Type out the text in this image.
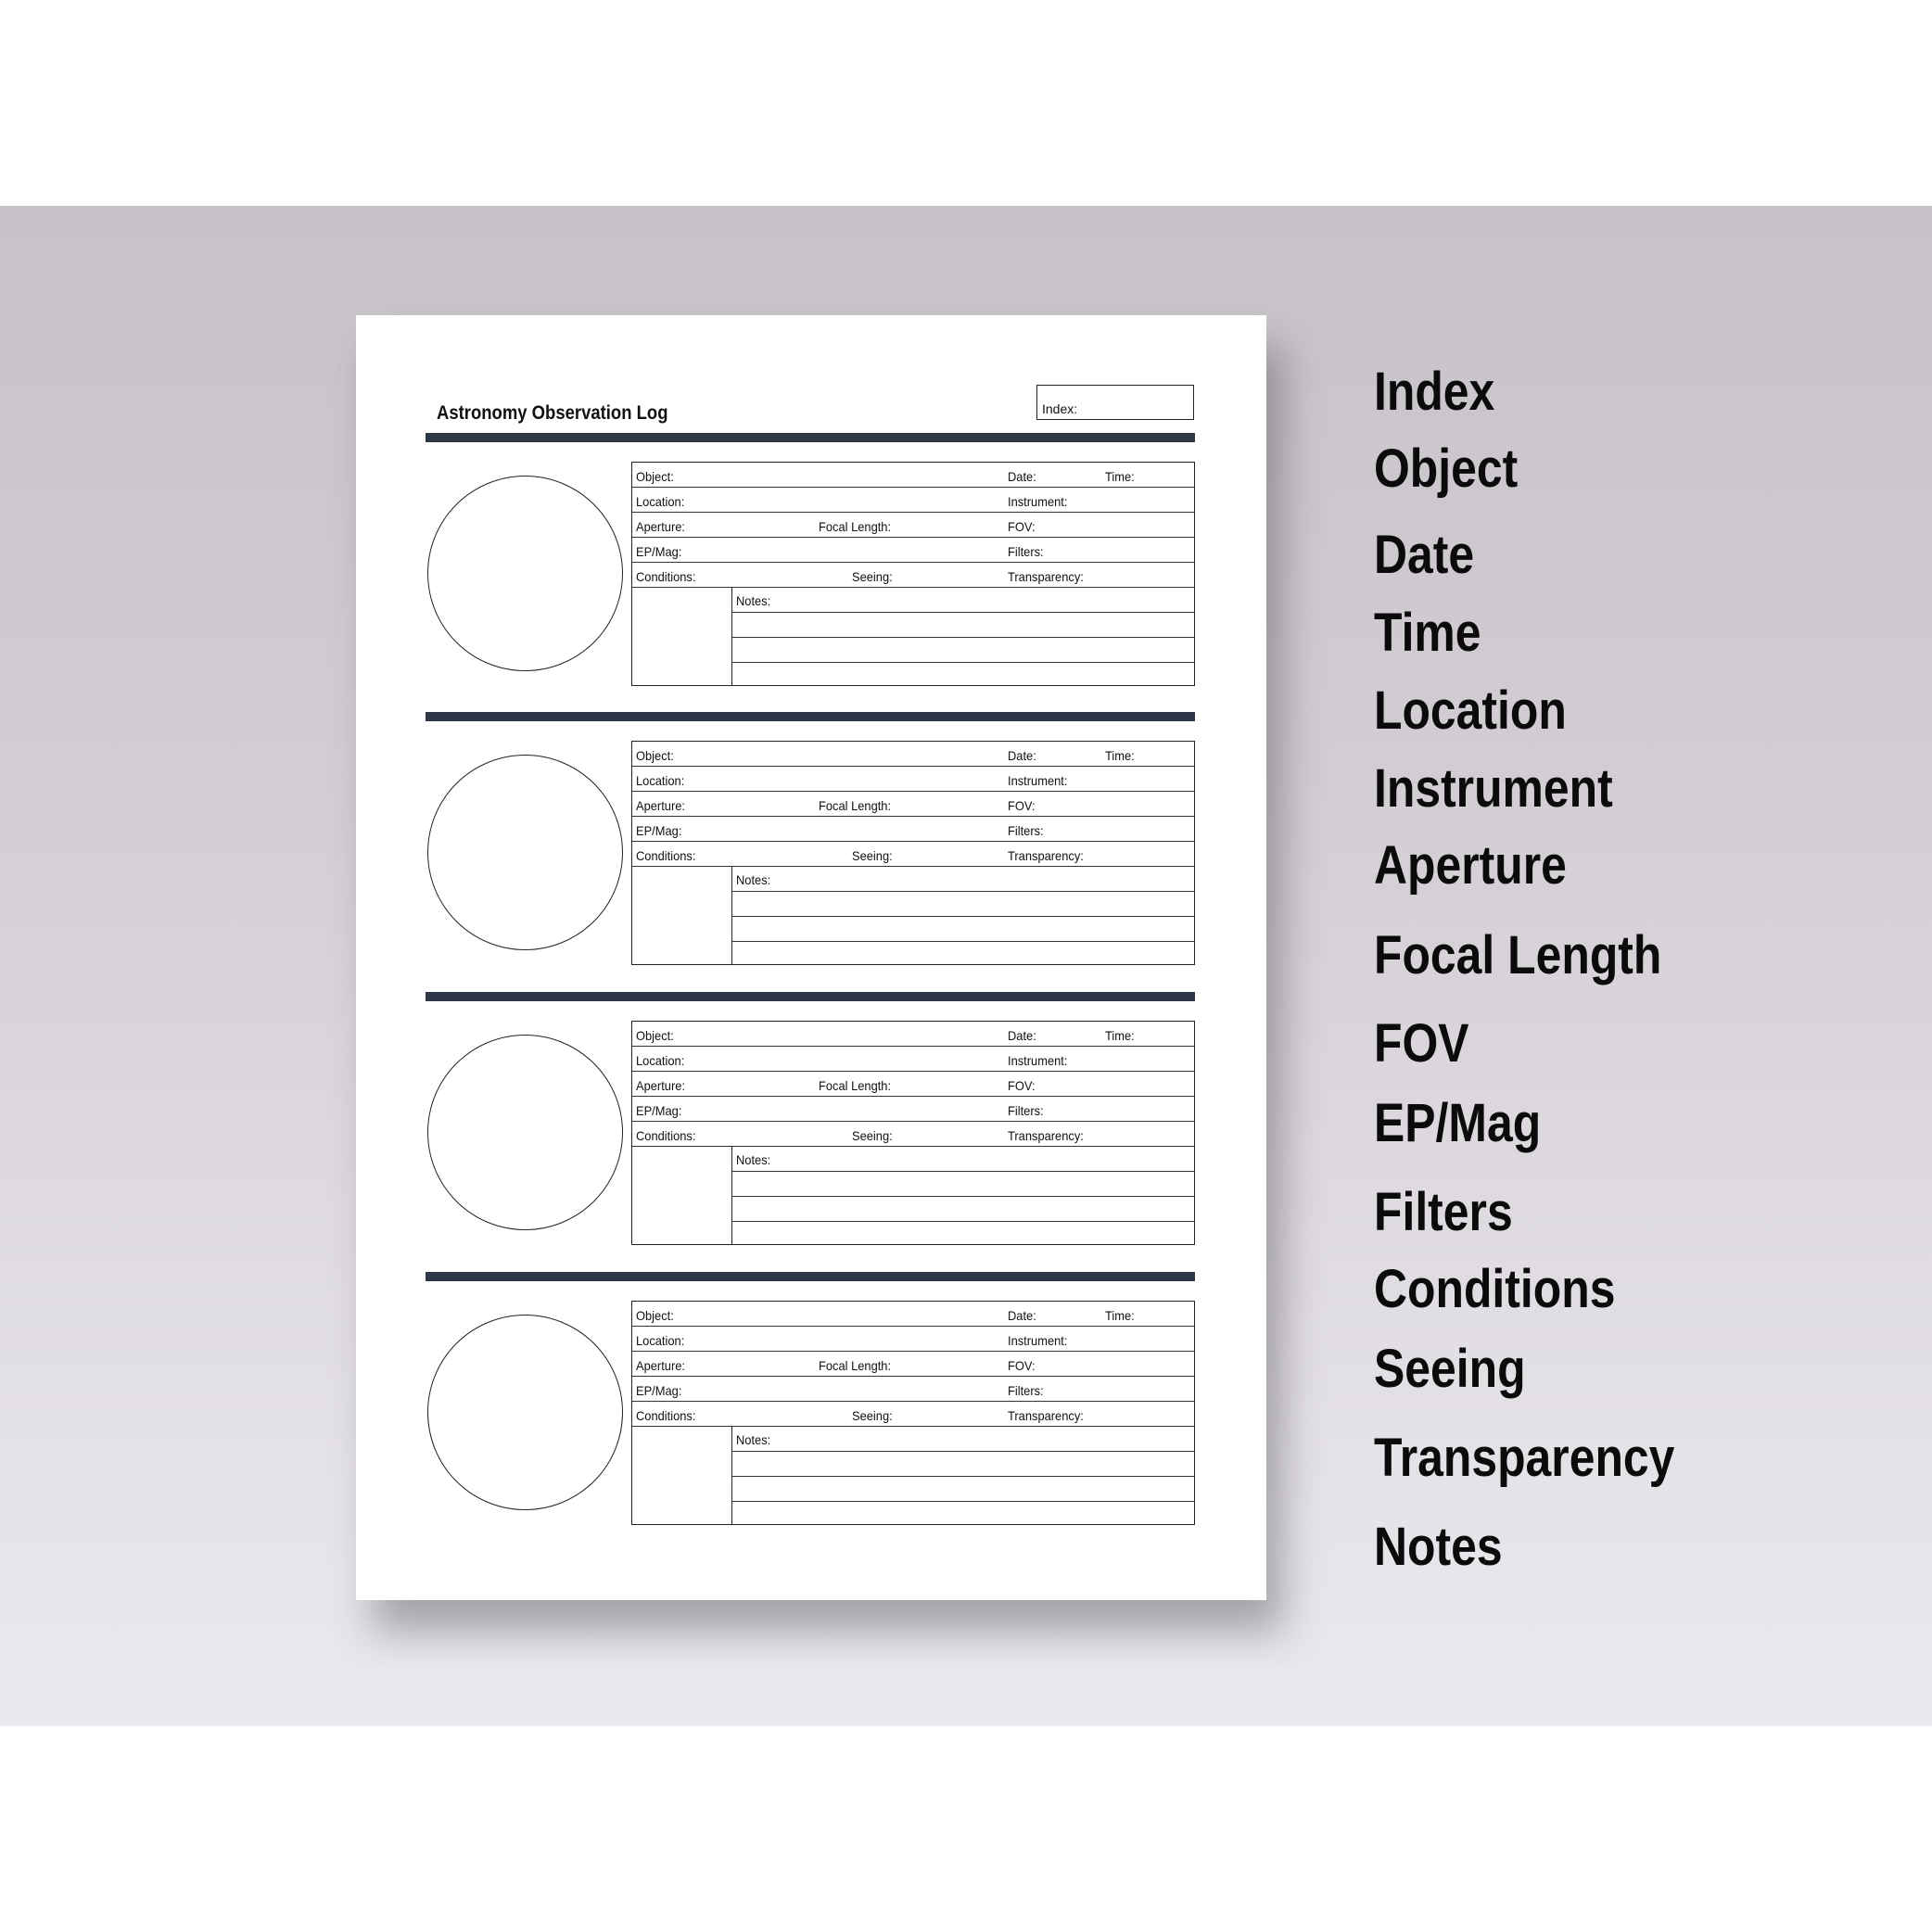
Astronomy Observation Log	Index:
Object:	Date:	Time:
Location:	Instrument:
Aperture:	Focal Length:	FOV:
EP/Mag:	Filters:
Conditions:	Seeing:	Transparency:
Notes:
Object:	Date:	Time:
Location:	Instrument:
Aperture:	Focal Length:	FOV:
EP/Mag:	Filters:
Conditions:	Seeing:	Transparency:
Notes:
Object:	Date:	Time:
Location:	Instrument:
Aperture:	Focal Length:	FOV:
EP/Mag:	Filters:
Conditions:	Seeing:	Transparency:
Notes:
Object:	Date:	Time:
Location:	Instrument:
Aperture:	Focal Length:	FOV:
EP/Mag:	Filters:
Conditions:	Seeing:	Transparency:
Notes:
Index
Object
Date
Time
Location
Instrument
Aperture
Focal Length
FOV
EP/Mag
Filters
Conditions
Seeing
Transparency
Notes
